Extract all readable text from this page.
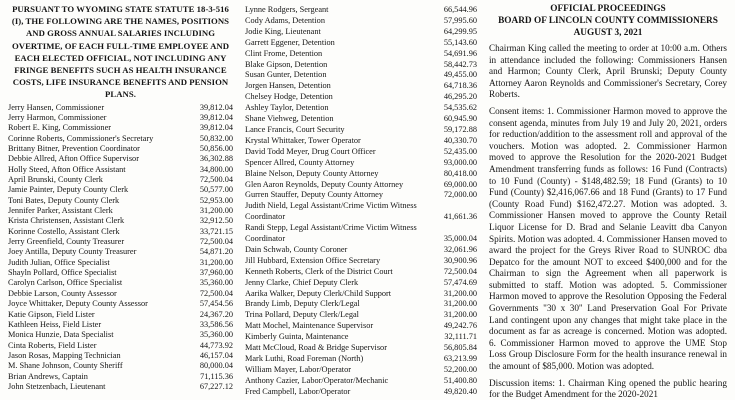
PURSUANT TO WYOMING STATE STATUTE 18-3-516 (I), THE FOLLOWING ARE THE NAMES, POSITIONS AND GROSS ANNUAL SALARIES INCLUDING OVERTIME, OF EACH FULL-TIME EMPLOYEE AND EACH ELECTED OFFICIAL, NOT INCLUDING ANY FRINGE BENEFITS SUCH AS HEALTH INSURANCE COSTS, LIFE INSURANCE BENEFITS AND PENSION PLANS.
Jerry Hansen, Commissioner	39,812.04
Jerry Harmon, Commissioner	39,812.04
Robert E. King, Commissioner	39,812.04
Corinne Roberts, Commissioner's Secretary	50,832.00
Brittany Bitner, Prevention Coordinator	50,856.00
Debbie Allred, Afton Office Supervisor	36,302.88
Holly Steed, Afton Office Assistant	34,800.00
April Brunski, County Clerk	72,500.04
Jamie Painter, Deputy County Clerk	50,577.00
Toni Bates, Deputy County Clerk	52,953.00
Jennifer Parker, Assistant Clerk	31,200.00
Krista Christensen, Assistant Clerk	32,912.50
Korinne Costello, Assistant Clerk	33,721.15
Jerry Greenfield, County Treasurer	72,500.04
Joey Antilla, Deputy County Treasurer	54,871.20
Judith Julian, Office Specialist	31,200.00
Shayln Pollard, Office Specialist	37,960.00
Carolyn Carlson, Office Specialist	35,360.00
Debbie Larson, County Assessor	72,500.04
Joyce Whittaker, Deputy County Assessor	57,454.56
Katie Gipson, Field Lister	24,367.20
Kathleen Heiss, Field Lister	33,586.56
Monica Hunzie, Data Specialist	35,360.00
Cinta Roberts, Field Lister	44,773.92
Jason Rosas, Mapping Technician	46,157.04
M. Shane Johnson, County Sheriff	80,000.04
Brian Andrews, Captain	71,115.36
John Stetzenbach, Lieutenant	67,227.12
Lynne Rodgers, Sergeant	66,544.96
Cody Adams, Detention	57,995.60
Jodie King, Lieutenant	64,299.95
Garrett Eggener, Detention	55,143.60
Clint Frome, Detention	54,691.96
Blake Gipson, Detention	58,442.73
Susan Gunter, Detention	49,455.00
Jorgen Hansen, Detention	64,718.36
Chelsey Hodge, Detention	46,295.20
Ashley Taylor, Detention	54,535.62
Shane Viehweg, Detention	60,945.90
Lance Francis, Court Security	59,172.88
Krystal Whittaker, Tower Operator	40,330.70
David Todd Meyer, Drug Court Officer	52,435.00
Spencer Allred, County Attorney	93,000.00
Blaine Nelson, Deputy County Attorney	80,418.00
Glen Aaron Reynolds, Deputy County Attorney	69,000.00
Gurren Stauffer, Deputy County Attorney	72,000.00
Judith Nield, Legal Assistant/Crime Victim Witness Coordinator	41,661.36
Randi Stepp, Legal Assistant/Crime Victim Witness Coordinator	35,000.04
Dain Schwab, County Coroner	32,061.96
Jill Hubbard, Extension Office Secretary	30,900.96
Kenneth Roberts, Clerk of the District Court	72,500.04
Jenny Clarke, Chief Deputy Clerk	57,474.69
Aarika Walker, Deputy Clerk/Child Support	31,200.00
Brandy Limb, Deputy Clerk/Legal	31,200.00
Trina Pollard, Deputy Clerk/Legal	31,200.00
Matt Mochel, Maintenance Supervisor	49,242.76
Kimberly Guinta, Maintenance	32,111.71
Matt McCloud, Road & Bridge Supervisor	56,805.84
Mark Luthi, Road Foreman (North)	63,213.99
William Mayer, Labor/Operator	52,200.00
Anthony Cazier, Labor/Operator/Mechanic	51,400.80
Fred Campbell, Labor/Operator	49,820.40
OFFICIAL PROCEEDINGS
BOARD OF LINCOLN COUNTY COMMISSIONERS
AUGUST 3, 2021

Chairman King called the meeting to order at 10:00 a.m. Others in attendance included the following: Commissioners Hansen and Harmon; County Clerk, April Brunski; Deputy County Attorney Aaron Reynolds and Commissioner's Secretary, Corey Roberts.

Consent items: 1. Commissioner Harmon moved to approve the consent agenda, minutes from July 19 and July 20, 2021, orders for reduction/addition to the assessment roll and approval of the vouchers. Motion was adopted. 2. Commissioner Harmon moved to approve the Resolution for the 2020-2021 Budget Amendment transferring funds as follows: 16 Fund (Contracts) to 10 Fund (County) - $148,482.59; 18 Fund (Grants) to 10 Fund (County) $2,416,067.66 and 18 Fund (Grants) to 17 Fund (County Road Fund) $162,472.27. Motion was adopted. 3. Commissioner Hansen moved to approve the County Retail Liquor License for D. Brad and Selanie Leavitt dba Canyon Spirits. Motion was adopted. 4. Commissioner Hansen moved to award the project for the Greys River Road to SUNROC dba Depatco for the amount NOT to exceed $400,000 and for the Chairman to sign the Agreement when all paperwork is submitted to staff. Motion was adopted. 5. Commissioner Harmon moved to approve the Resolution Opposing the Federal Governments "30 x 30" Land Preservation Goal For Private Land contingent upon any changes that might take place in the document as far as acreage is concerned. Motion was adopted. 6. Commissioner Harmon moved to approve the UME Stop Loss Group Disclosure Form for the health insurance renewal in the amount of $85,000. Motion was adopted.

Discussion items: 1. Chairman King opened the public hearing for the Budget Amendment for the 2020-2021
